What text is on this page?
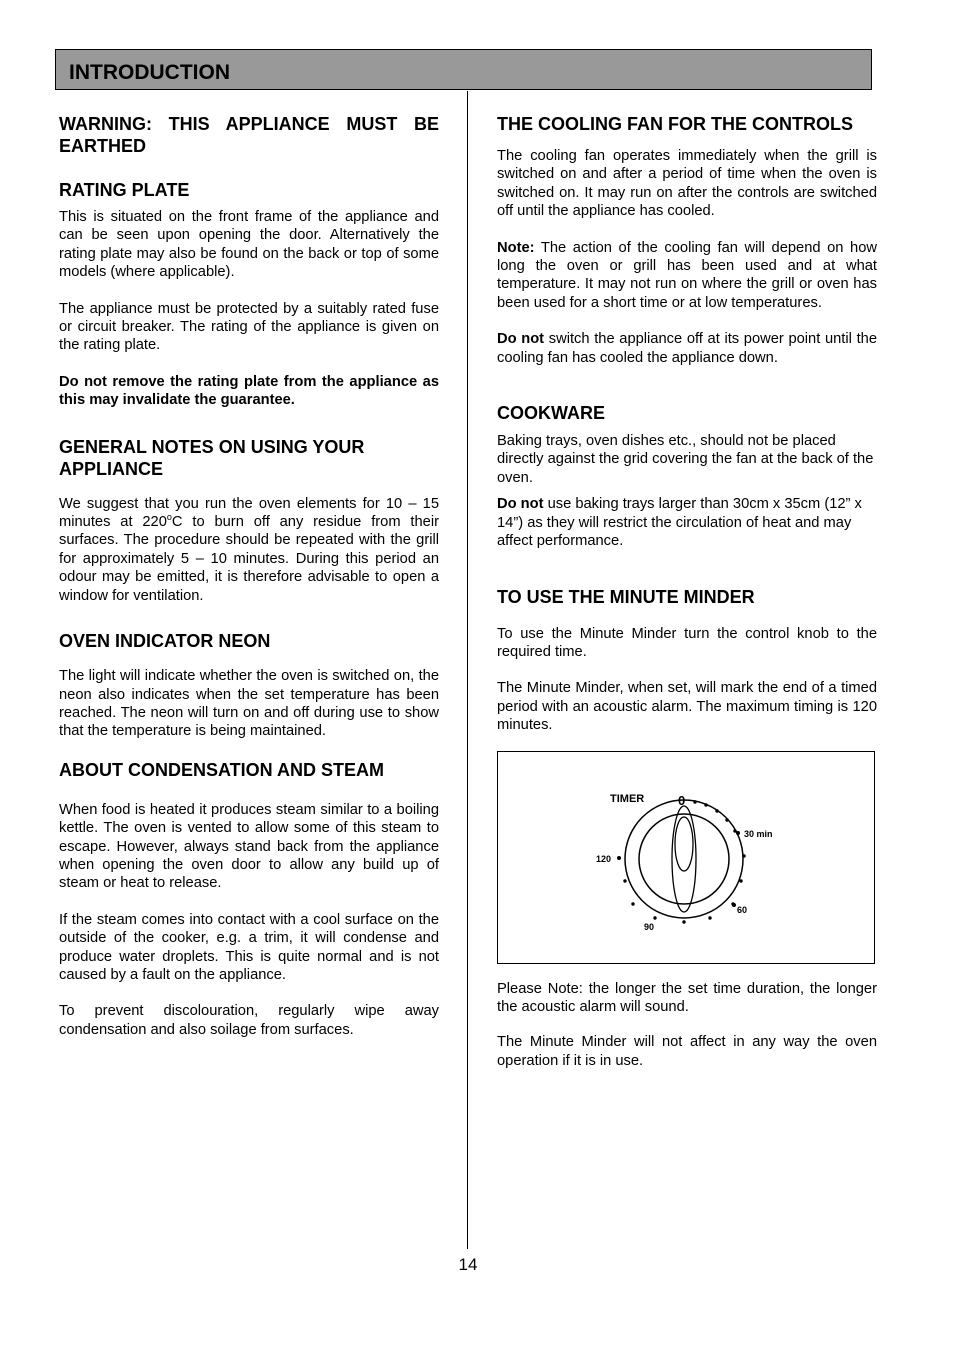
INTRODUCTION
WARNING: THIS APPLIANCE MUST BE EARTHED
RATING PLATE

This is situated on the front frame of the appliance and can be seen upon opening the door. Alternatively the rating plate may also be found on the back or top of some models (where applicable).

The appliance must be protected by a suitably rated fuse or circuit breaker. The rating of the appliance is given on the rating plate.

Do not remove the rating plate from the appliance as this may invalidate the guarantee.

GENERAL NOTES ON USING YOUR APPLIANCE

We suggest that you run the oven elements for 10 – 15 minutes at 220$^o$C to burn off any residue from their surfaces. The procedure should be repeated with the grill for approximately 5 – 10 minutes. During this period an odour may be emitted, it is therefore advisable to open a window for ventilation.

OVEN INDICATOR NEON

The light will indicate whether the oven is switched on, the neon also indicates when the set temperature has been reached. The neon will turn on and off during use to show that the temperature is being maintained.

ABOUT CONDENSATION AND STEAM

When food is heated it produces steam similar to a boiling kettle. The oven is vented to allow some of this steam to escape. However, always stand back from the appliance when opening the oven door to allow any build up of steam or heat to release.

If the steam comes into contact with a cool surface on the outside of the cooker, e.g. a trim, it will condense and produce water droplets. This is quite normal and is not caused by a fault on the appliance.

To prevent discolouration, regularly wipe away condensation and also soilage from surfaces.

THE COOLING FAN FOR THE CONTROLS

The cooling fan operates immediately when the grill is switched on and after a period of time when the oven is switched on. It may run on after the controls are switched off until the appliance has cooled.

Note: The action of the cooling fan will depend on how long the oven or grill has been used and at what temperature. It may not run on where the grill or oven has been used for a short time or at low temperatures.

Do not switch the appliance off at its power point until the cooling fan has cooled the appliance down.

COOKWARE

Baking trays, oven dishes etc., should not be placed directly against the grid covering the fan at the back of the oven.

Do not use baking trays larger than 30cm x 35cm (12” x 14”) as they will restrict the circulation of heat and may affect performance.

TO USE THE MINUTE MINDER

To use the Minute Minder turn the control knob to the required time.

The Minute Minder, when set, will mark the end of a timed period with an acoustic alarm. The maximum timing is 120 minutes.

TIMER	0
30 min
60
90
120

Please Note: the longer the set time duration, the longer the acoustic alarm will sound.

The Minute Minder will not affect in any way the oven operation if it is in use.

14
